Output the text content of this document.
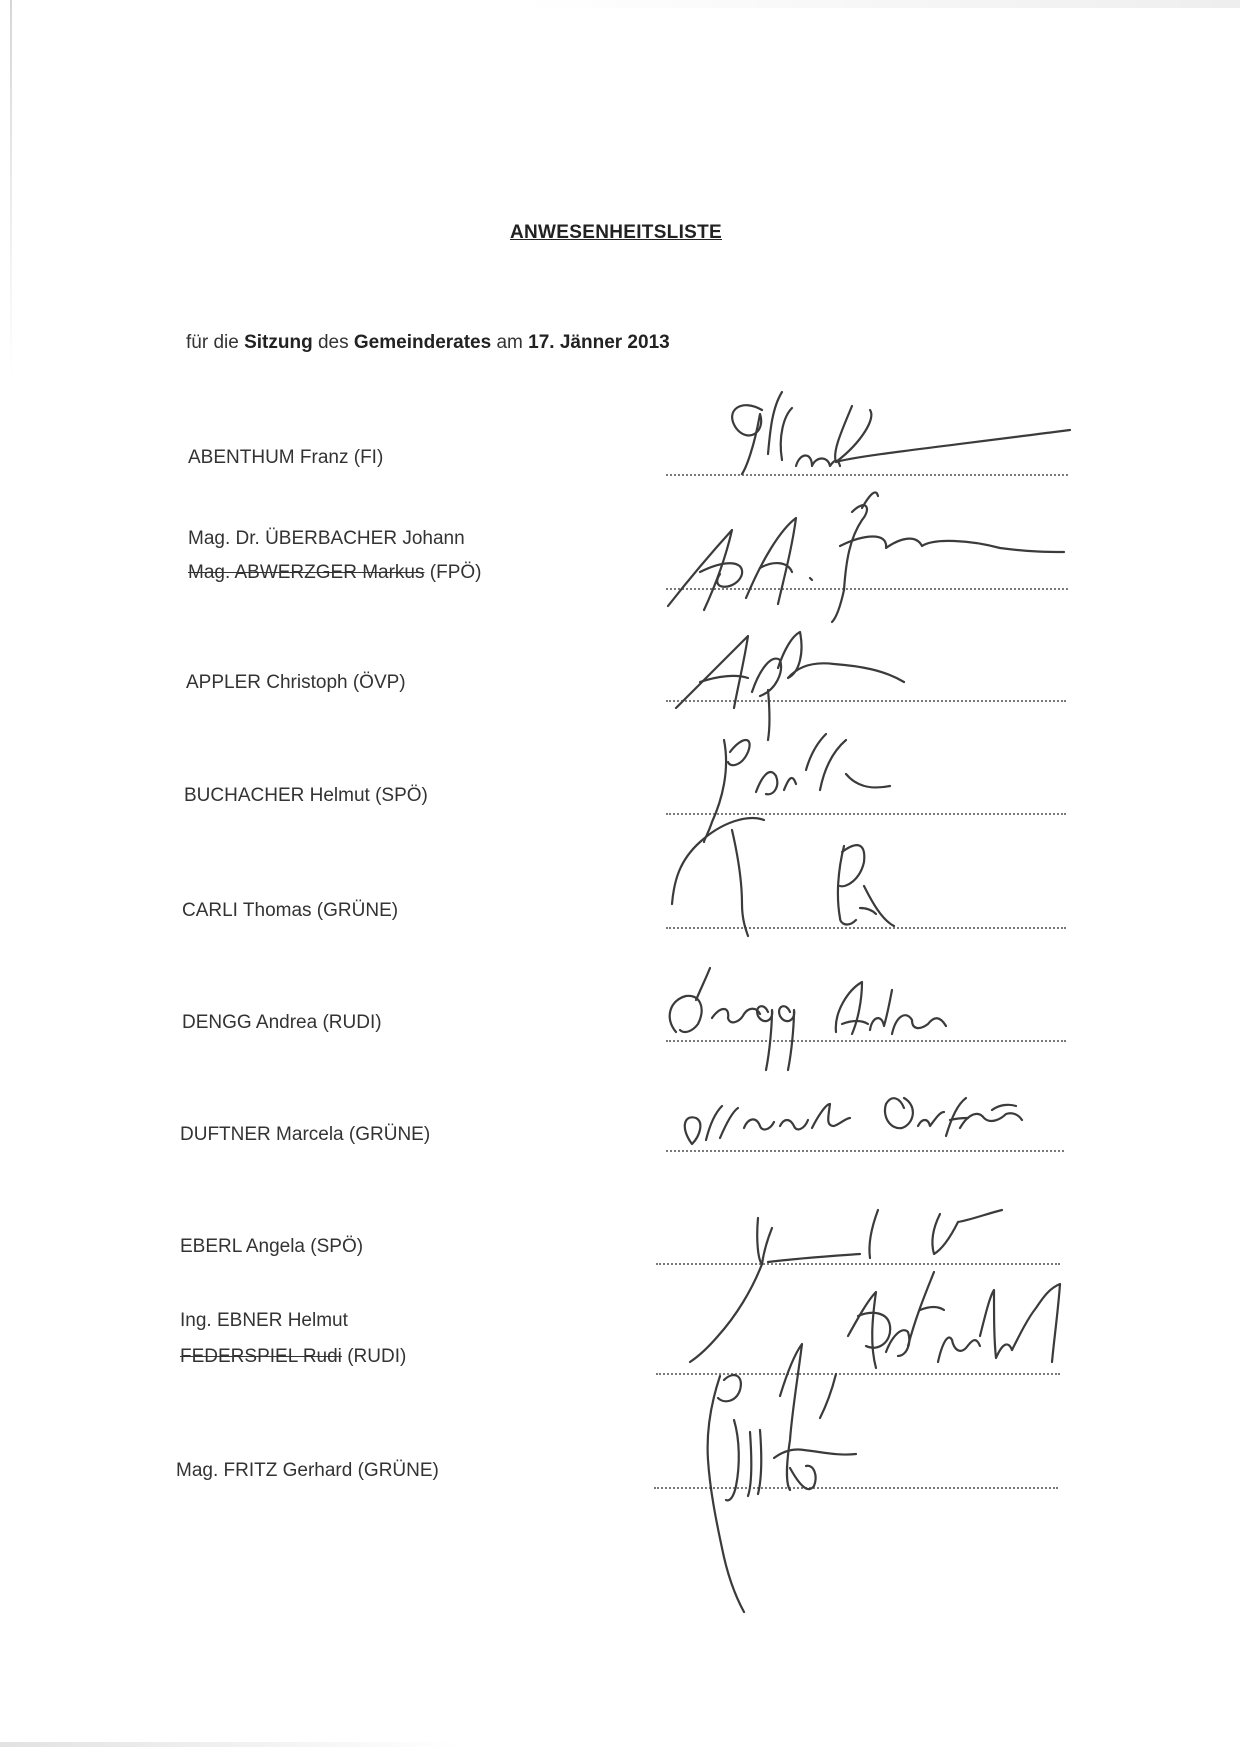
ANWESENHEITSLISTE

für die Sitzung des Gemeinderates am 17. Jänner 2013

ABENTHUM Franz (FI)
Mag. Dr. ÜBERBACHER Johann
Mag. ABWERZGER Markus (FPÖ)
APPLER Christoph (ÖVP)
BUCHACHER Helmut (SPÖ)
CARLI Thomas (GRÜNE)
DENGG Andrea (RUDI)
DUFTNER Marcela (GRÜNE)
EBERL Angela (SPÖ)
Ing. EBNER Helmut
FEDERSPIEL Rudi (RUDI)
Mag. FRITZ Gerhard (GRÜNE)
